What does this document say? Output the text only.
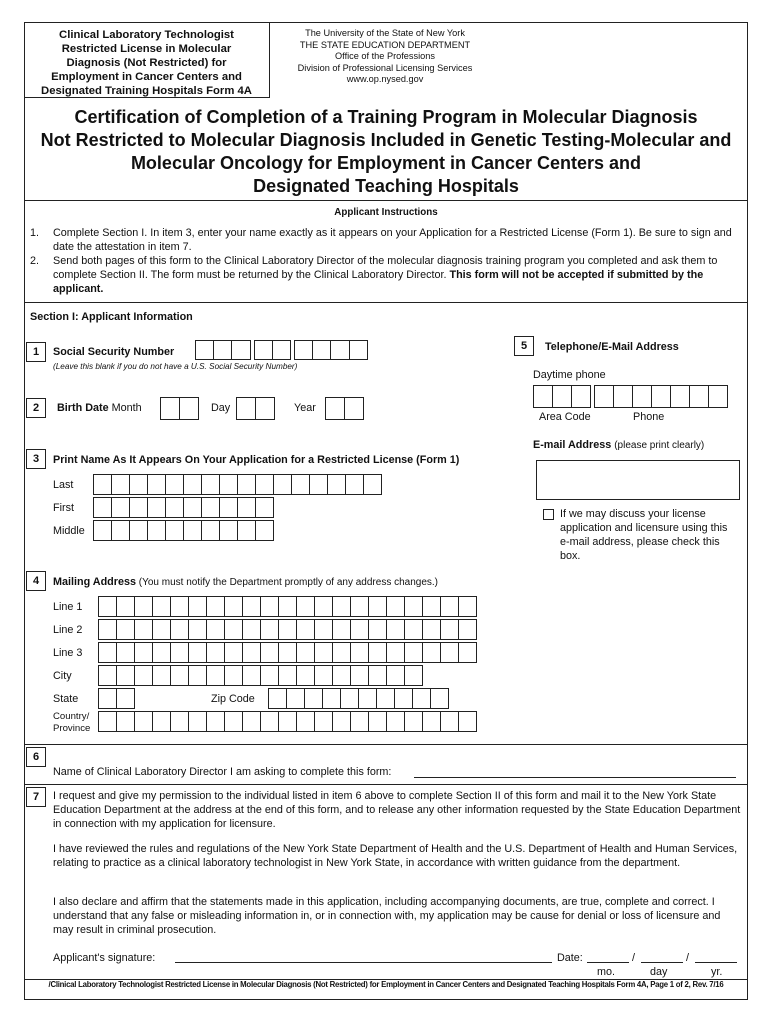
Clinical Laboratory Technologist
Restricted License in Molecular
Diagnosis (Not Restricted) for
Employment in Cancer Centers and
Designated Training Hospitals Form 4A
The University of the State of New York
THE STATE EDUCATION DEPARTMENT
Office of the Professions
Division of Professional Licensing Services
www.op.nysed.gov
Certification of Completion of a Training Program in Molecular Diagnosis
Not Restricted to Molecular Diagnosis Included in Genetic Testing-Molecular and
Molecular Oncology for Employment in Cancer Centers and
Designated Teaching Hospitals
Applicant Instructions
1. Complete Section I. In item 3, enter your name exactly as it appears on your Application for a Restricted License (Form 1). Be sure to sign and date the attestation in item 7.
2. Send both pages of this form to the Clinical Laboratory Director of the molecular diagnosis training program you completed and ask them to complete Section II. The form must be returned by the Clinical Laboratory Director. This form will not be accepted if submitted by the applicant.
Section I: Applicant Information
1	Social Security Number
(Leave this blank if you do not have a U.S. Social Security Number)
2	Birth Date Month	Day	Year
3	Print Name As It Appears On Your Application for a Restricted License (Form 1)
Last
First
Middle
4	Mailing Address (You must notify the Department promptly of any address changes.)
Line 1
Line 2
Line 3
City
State	Zip Code
Country/
Province
5	Telephone/E-Mail Address
Daytime phone
Area Code	Phone
E-mail Address (please print clearly)
If we may discuss your license application and licensure using this e-mail address, please check this box.
6
Name of Clinical Laboratory Director I am asking to complete this form:
7	I request and give my permission to the individual listed in item 6 above to complete Section II of this form and mail it to the New York State Education Department at the address at the end of this form, and to release any other information requested by the State Education Department in connection with my application for licensure.
I have reviewed the rules and regulations of the New York State Department of Health and the U.S. Department of Health and Human Services, relating to practice as a clinical laboratory technologist in New York State, in accordance with written guidance from the department.
I also declare and affirm that the statements made in this application, including accompanying documents, are true, complete and correct. I understand that any false or misleading information in, or in connection with, my application may be cause for denial or loss of licensure and may result in criminal prosecution.
Applicant's signature:	Date:	/	/
mo.	day	yr.
/Clinical Laboratory Technologist Restricted License in Molecular Diagnosis (Not Restricted) for Employment in Cancer Centers and Designated Teaching Hospitals Form 4A, Page 1 of 2, Rev. 7/16
